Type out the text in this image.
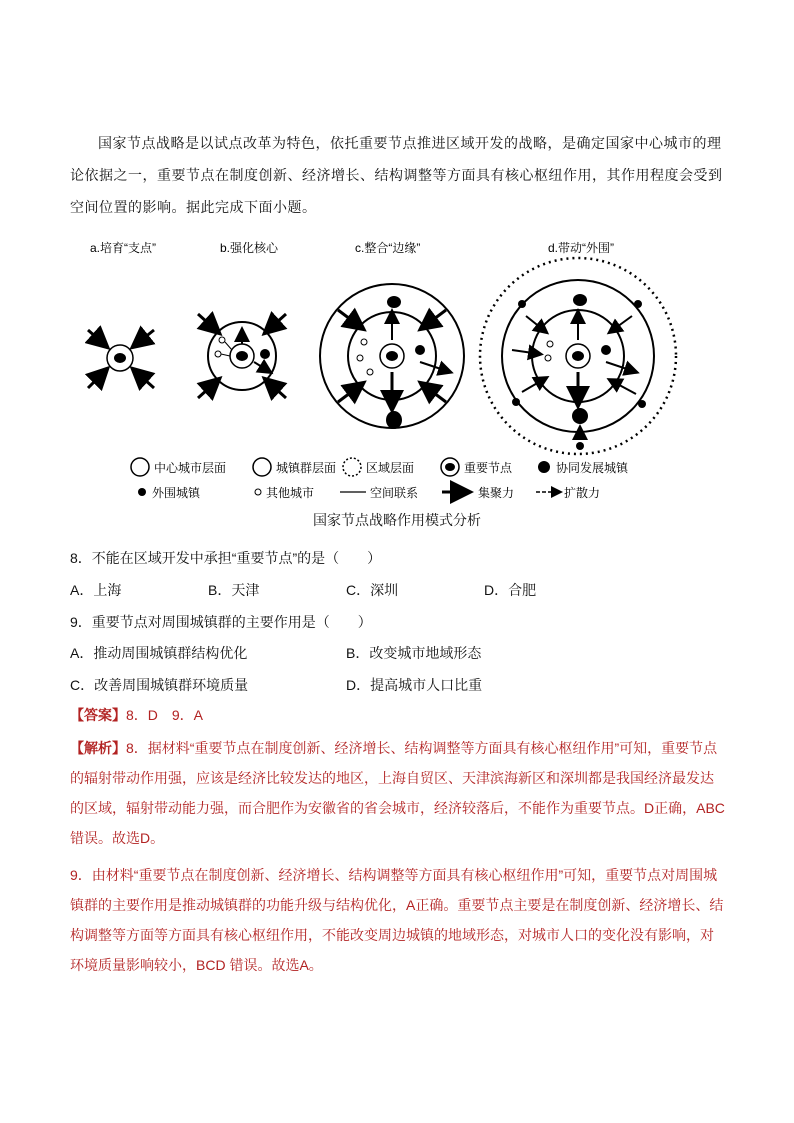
国家节点战略是以试点改革为特色，依托重要节点推进区域开发的战略，是确定国家中心城市的理论依据之一，重要节点在制度创新、经济增长、结构调整等方面具有核心枢纽作用，其作用程度会受到空间位置的影响。据此完成下面小题。
a.培育“支点”	b.强化核心	c.整合“边缘”	d.带动“外围”
中心城市层面	城镇群层面 区域层面	重要节点	协同发展城镇
外围城镇	其他城市	空间联系	集聚力	扩散力
国家节点战略作用模式分析
8．不能在区域开发中承担“重要节点”的是（　　）
A．上海	B．天津	C．深圳	D．合肥
9．重要节点对周围城镇群的主要作用是（　　）
A．推动周围城镇群结构优化	B．改变城市地域形态
C．改善周围城镇群环境质量	D．提高城市人口比重
【答案】8．D　9．A
【解析】8．据材料“重要节点在制度创新、经济增长、结构调整等方面具有核心枢纽作用”可知，重要节点的辐射带动作用强，应该是经济比较发达的地区，上海自贸区、天津滨海新区和深圳都是我国经济最发达的区域，辐射带动能力强，而合肥作为安徽省的省会城市，经济较落后，不能作为重要节点。D正确，ABC错误。故选D。
9．由材料“重要节点在制度创新、经济增长、结构调整等方面具有核心枢纽作用”可知，重要节点对周围城镇群的主要作用是推动城镇群的功能升级与结构优化，A正确。重要节点主要是在制度创新、经济增长、结构调整等方面等方面具有核心枢纽作用，不能改变周边城镇的地域形态，对城市人口的变化没有影响，对环境质量影响较小，BCD 错误。故选A。
